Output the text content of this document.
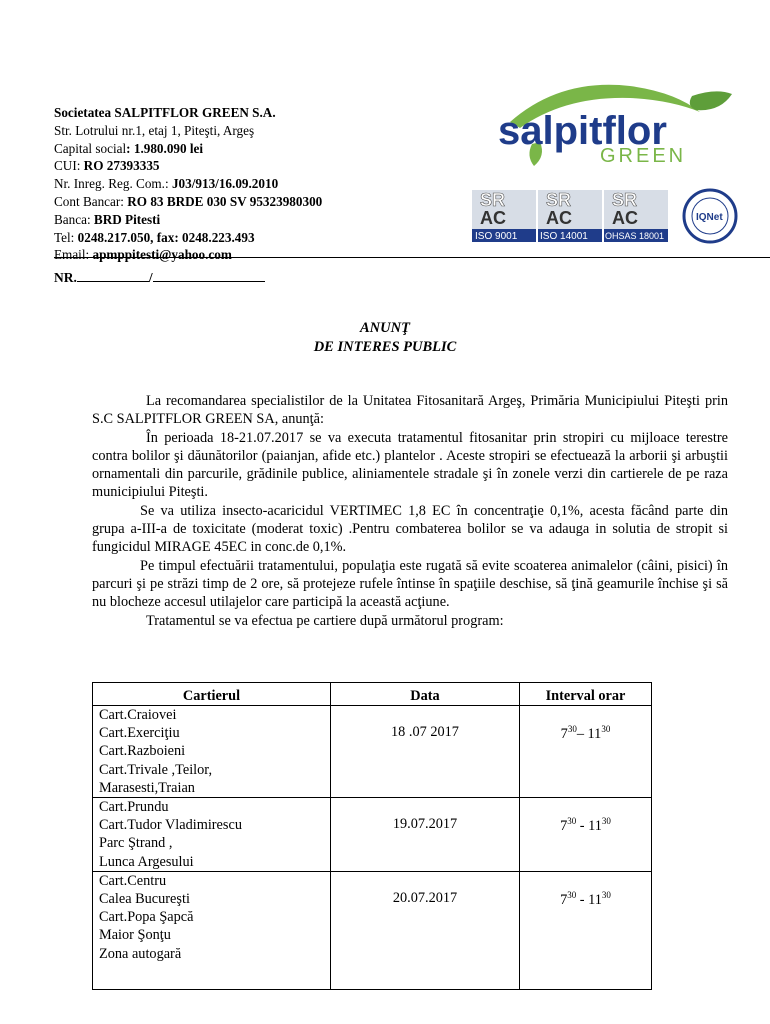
Societatea SALPITFLOR GREEN S.A.
Str. Lotrului nr.1, etaj 1, Piteşti, Argeş
Capital social: 1.980.090 lei
CUI: RO 27393335
Nr. Inreg. Reg. Com.: J03/913/16.09.2010
Cont Bancar: RO 83 BRDE 030 SV 95323980300
Banca: BRD Pitesti
Tel: 0248.217.050, fax: 0248.223.493
Email: apmppitesti@yahoo.com
salpitflor
GREEN
SR
AC
ISO 9001
SR
AC
ISO 14001
SR
AC
OHSAS 18001
IQNet
NR.	/
ANUNŢ
DE INTERES PUBLIC

La recomandarea specialistilor de la Unitatea Fitosanitară Argeş, Primăria Municipiului Piteşti prin S.C SALPITFLOR GREEN SA, anunţă:

În perioada 18-21.07.2017 se va executa tratamentul fitosanitar prin stropiri cu mijloace terestre contra bolilor şi dăunătorilor (paianjan, afide etc.) plantelor . Aceste stropiri se efectuează la arborii şi arbuştii ornamentali din parcurile, grădinile publice, aliniamentele stradale şi în zonele verzi din cartierele de pe raza municipiului Piteşti.

Se va utiliza insecto-acaricidul VERTIMEC 1,8 EC în concentraţie 0,1%, acesta făcând parte din grupa a-III-a de toxicitate (moderat toxic) .Pentru combaterea bolilor se va adauga in solutia de stropit si fungicidul MIRAGE 45EC in conc.de 0,1%.

Pe timpul efectuării tratamentului, populaţia este rugată să evite scoaterea animalelor (câini, pisici) în parcuri şi pe străzi timp de 2 ore, să protejeze rufele întinse în spaţiile deschise, să ţină geamurile închise şi să nu blocheze accesul utilajelor care participă la această acţiune.

Tratamentul se va efectua pe cartiere după următorul program:

Cartierul	Data	Interval orar

Cart.Craiovei
Cart.Exerciţiu
Cart.Razboieni
Cart.Trivale ,Teilor,
Marasesti,Traian	18 .07 2017	$7^{30}-$ $11^{30}$

Cart.Prundu
Cart.Tudor Vladimirescu
Parc Ştrand ,
Lunca Argesului	19.07.2017	$7^{30} - 11^{30}$

Cart.Centru
Calea Bucureşti
Cart.Popa Şapcă
Maior Şonţu
Zona autogară	20.07.2017	$7^{30} - 11^{30}$
